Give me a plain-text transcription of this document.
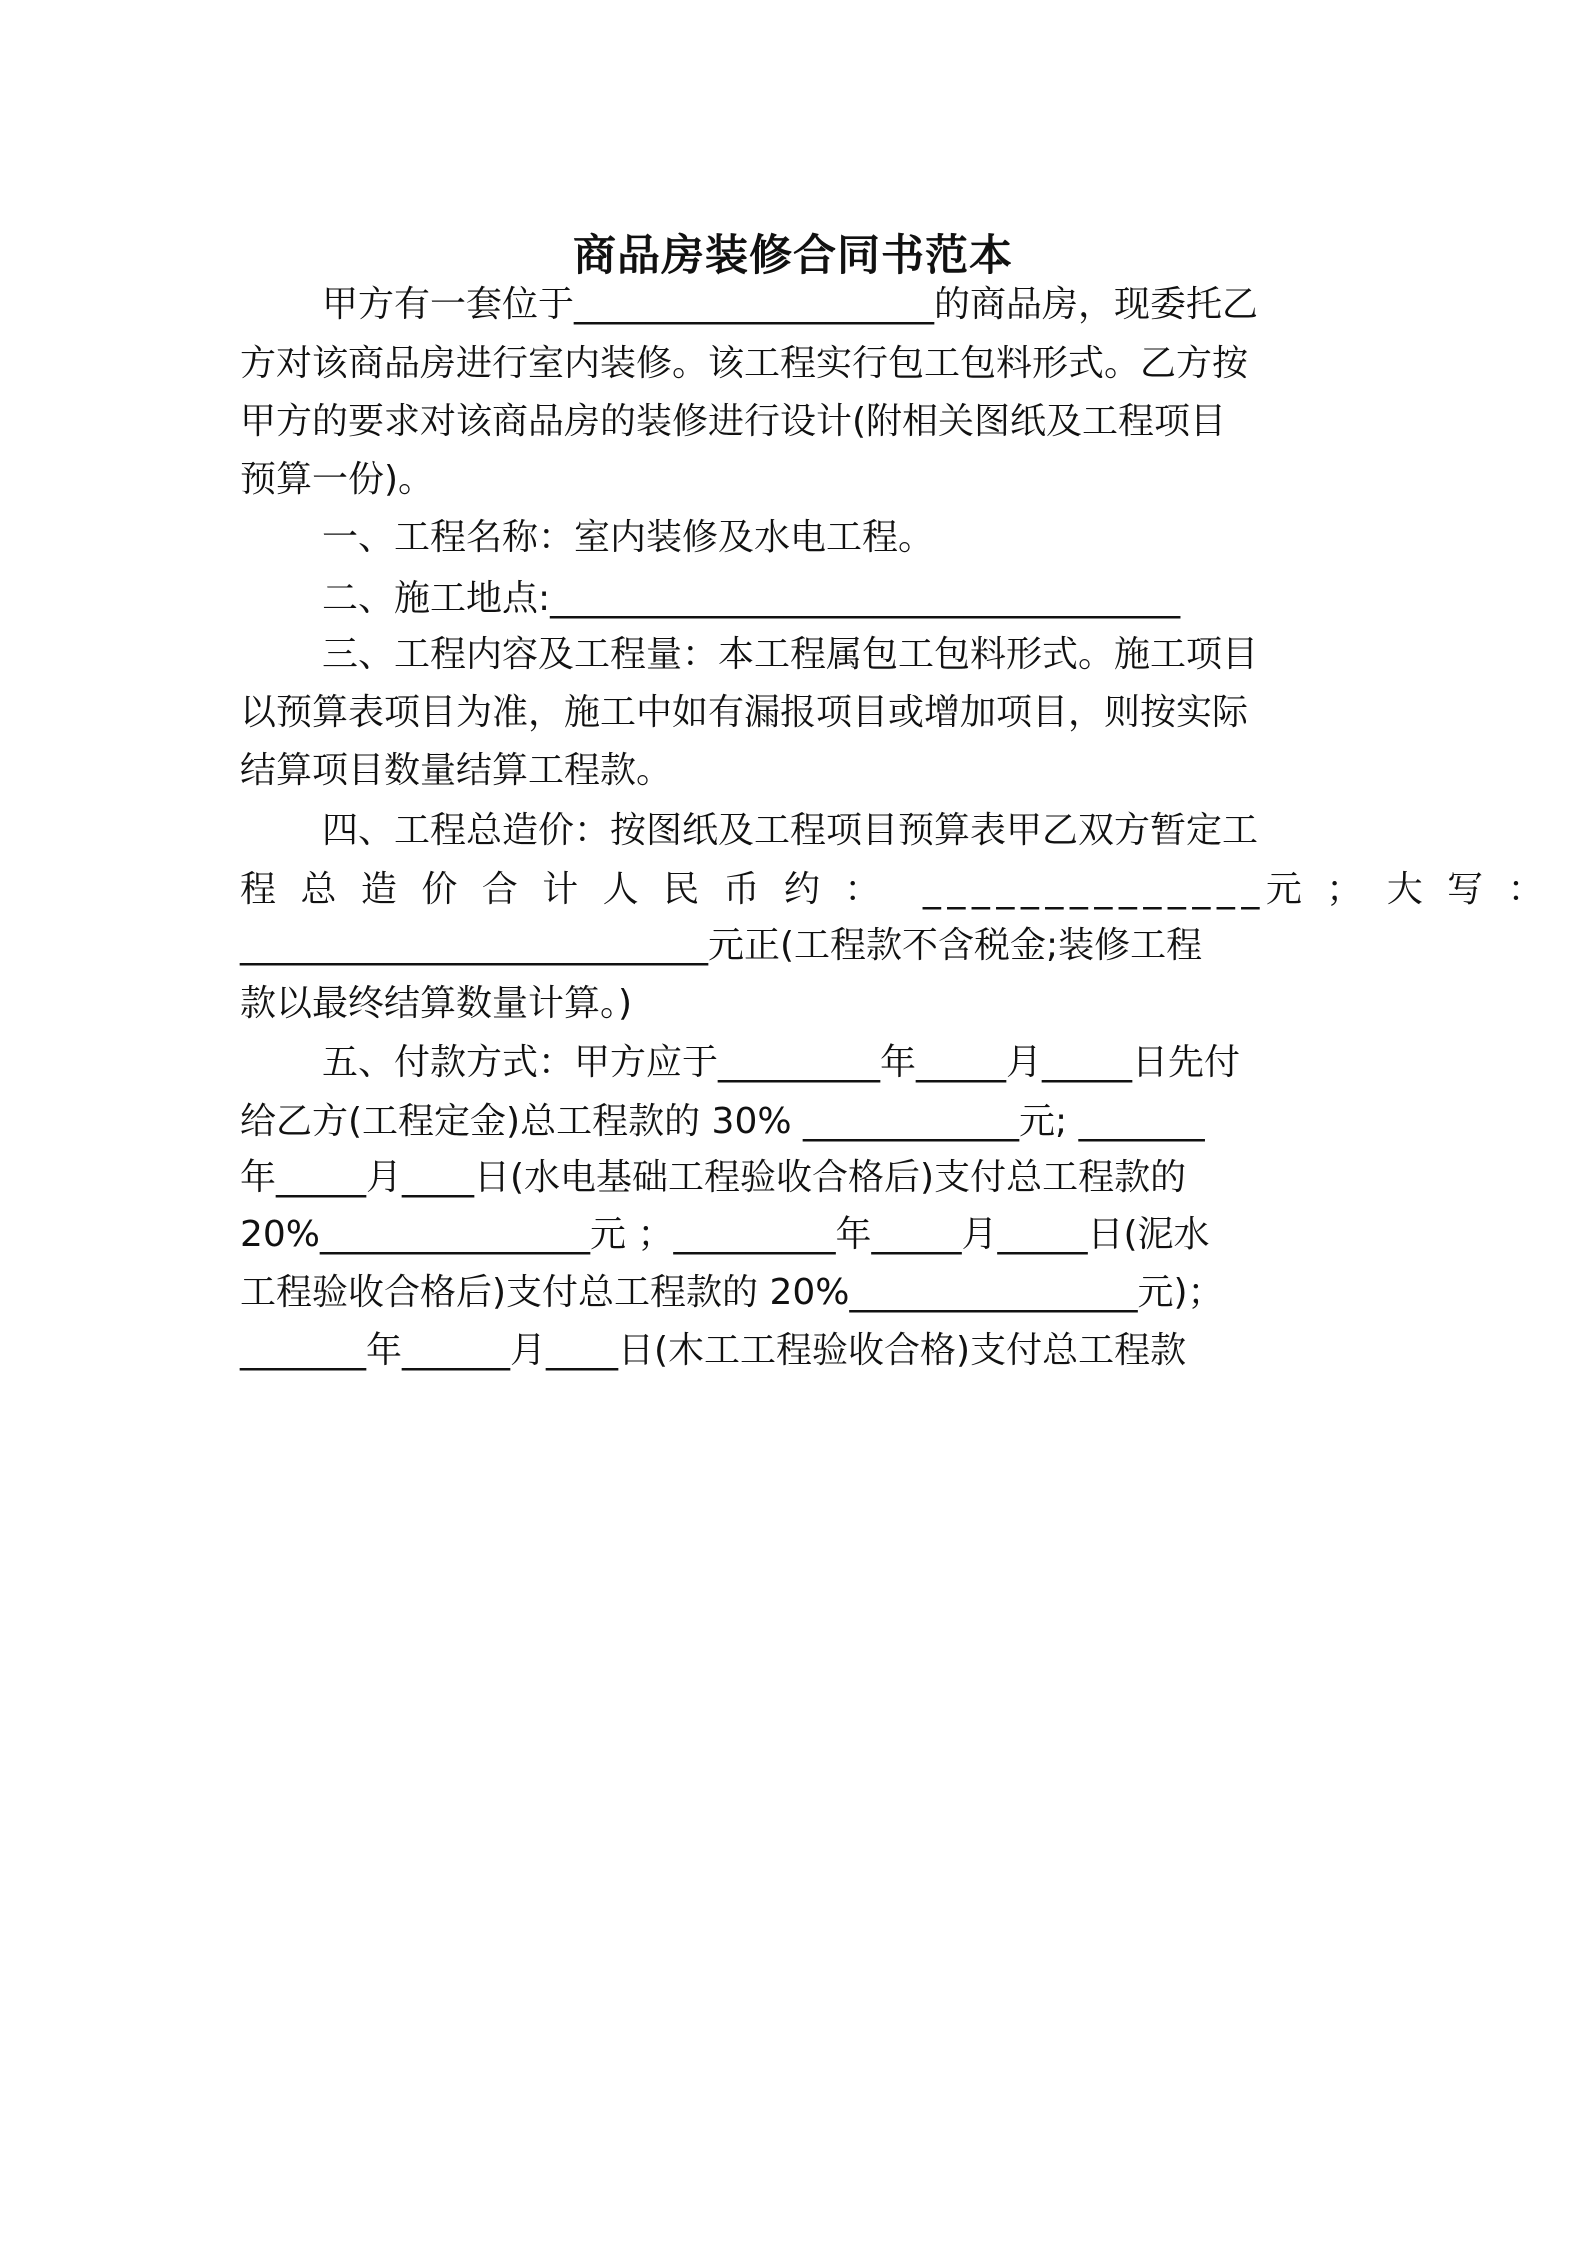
商品房装修合同书范本

甲方有一套位于____________________的商品房，现委托乙

方对该商品房进行室内装修。该工程实行包工包料形式。乙方按

甲方的要求对该商品房的装修进行设计(附相关图纸及工程项目

预算一份)。

一、工程名称：室内装修及水电工程。

二、施工地点:___________________________________

三、工程内容及工程量：本工程属包工包料形式。施工项目

以预算表项目为准，施工中如有漏报项目或增加项目，则按实际

结算项目数量结算工程款。

四、工程总造价：按图纸及工程项目预算表甲乙双方暂定工

程 总 造 价 合 计 人 民 币 约 ：  ______________元 ； 大 写 ：

__________________________元正(工程款不含税金;装修工程

款以最终结算数量计算。)

五、付款方式：甲方应于_________年_____月_____日先付

给乙方(工程定金)总工程款的 30% ____________元; _______

年_____月____日(水电基础工程验收合格后)支付总工程款的

20%_______________元 ；_________年_____月_____日(泥水

工程验收合格后)支付总工程款的 20%________________元)；

_______年______月____日(木工工程验收合格)支付总工程款
